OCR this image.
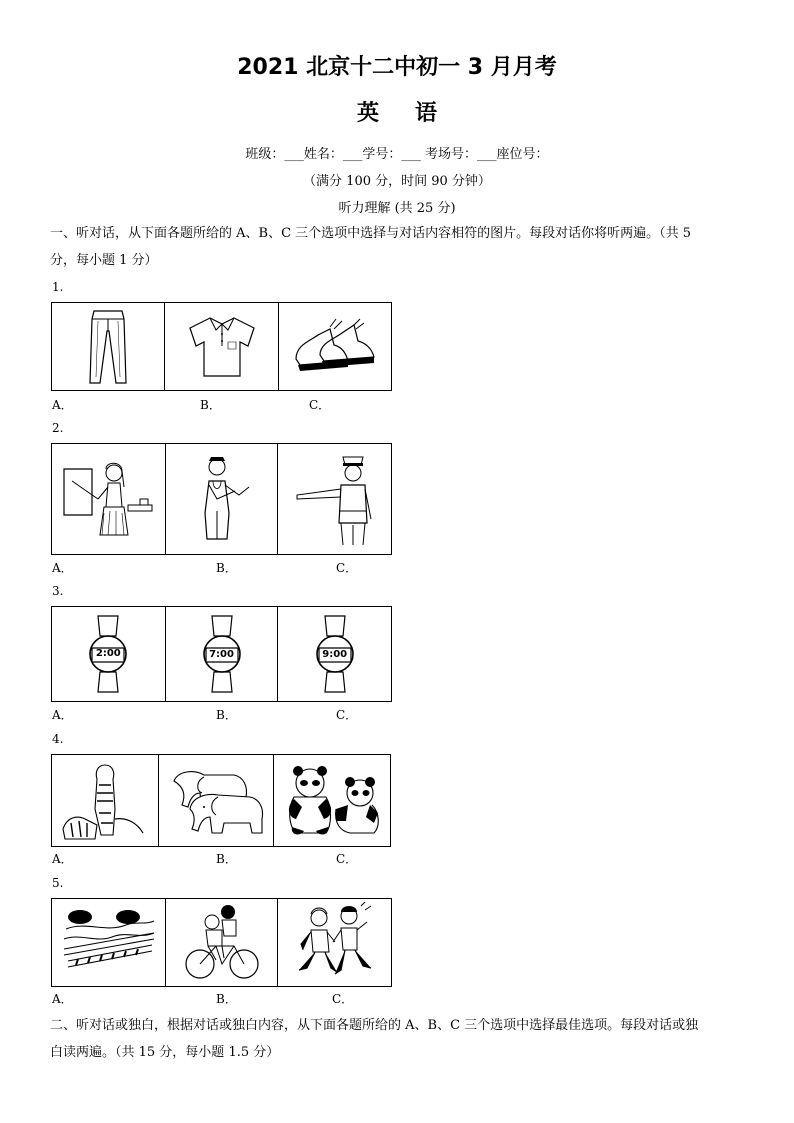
2021 北京十二中初一 3 月月考
英语
班级：___姓名：___学号：___ 考场号：___座位号：
（满分 100 分，时间 90 分钟）
听力理解 (共 25 分)
一、听对话，从下面各题所给的 A、B、C 三个选项中选择与对话内容相符的图片。每段对话你将听两遍。（共 5
分，每小题 1 分）
1.
A．	B．	C．
2.
A．	B．	C．
3.
2:00	7:00	9:00
A．	B．	C．
4.
A．	B．	C．
5.
A．	B．	C．
二、听对话或独白，根据对话或独白内容，从下面各题所给的 A、B、C 三个选项中选择最佳选项。每段对话或独
白读两遍。（共 15 分，每小题 1.5 分）
